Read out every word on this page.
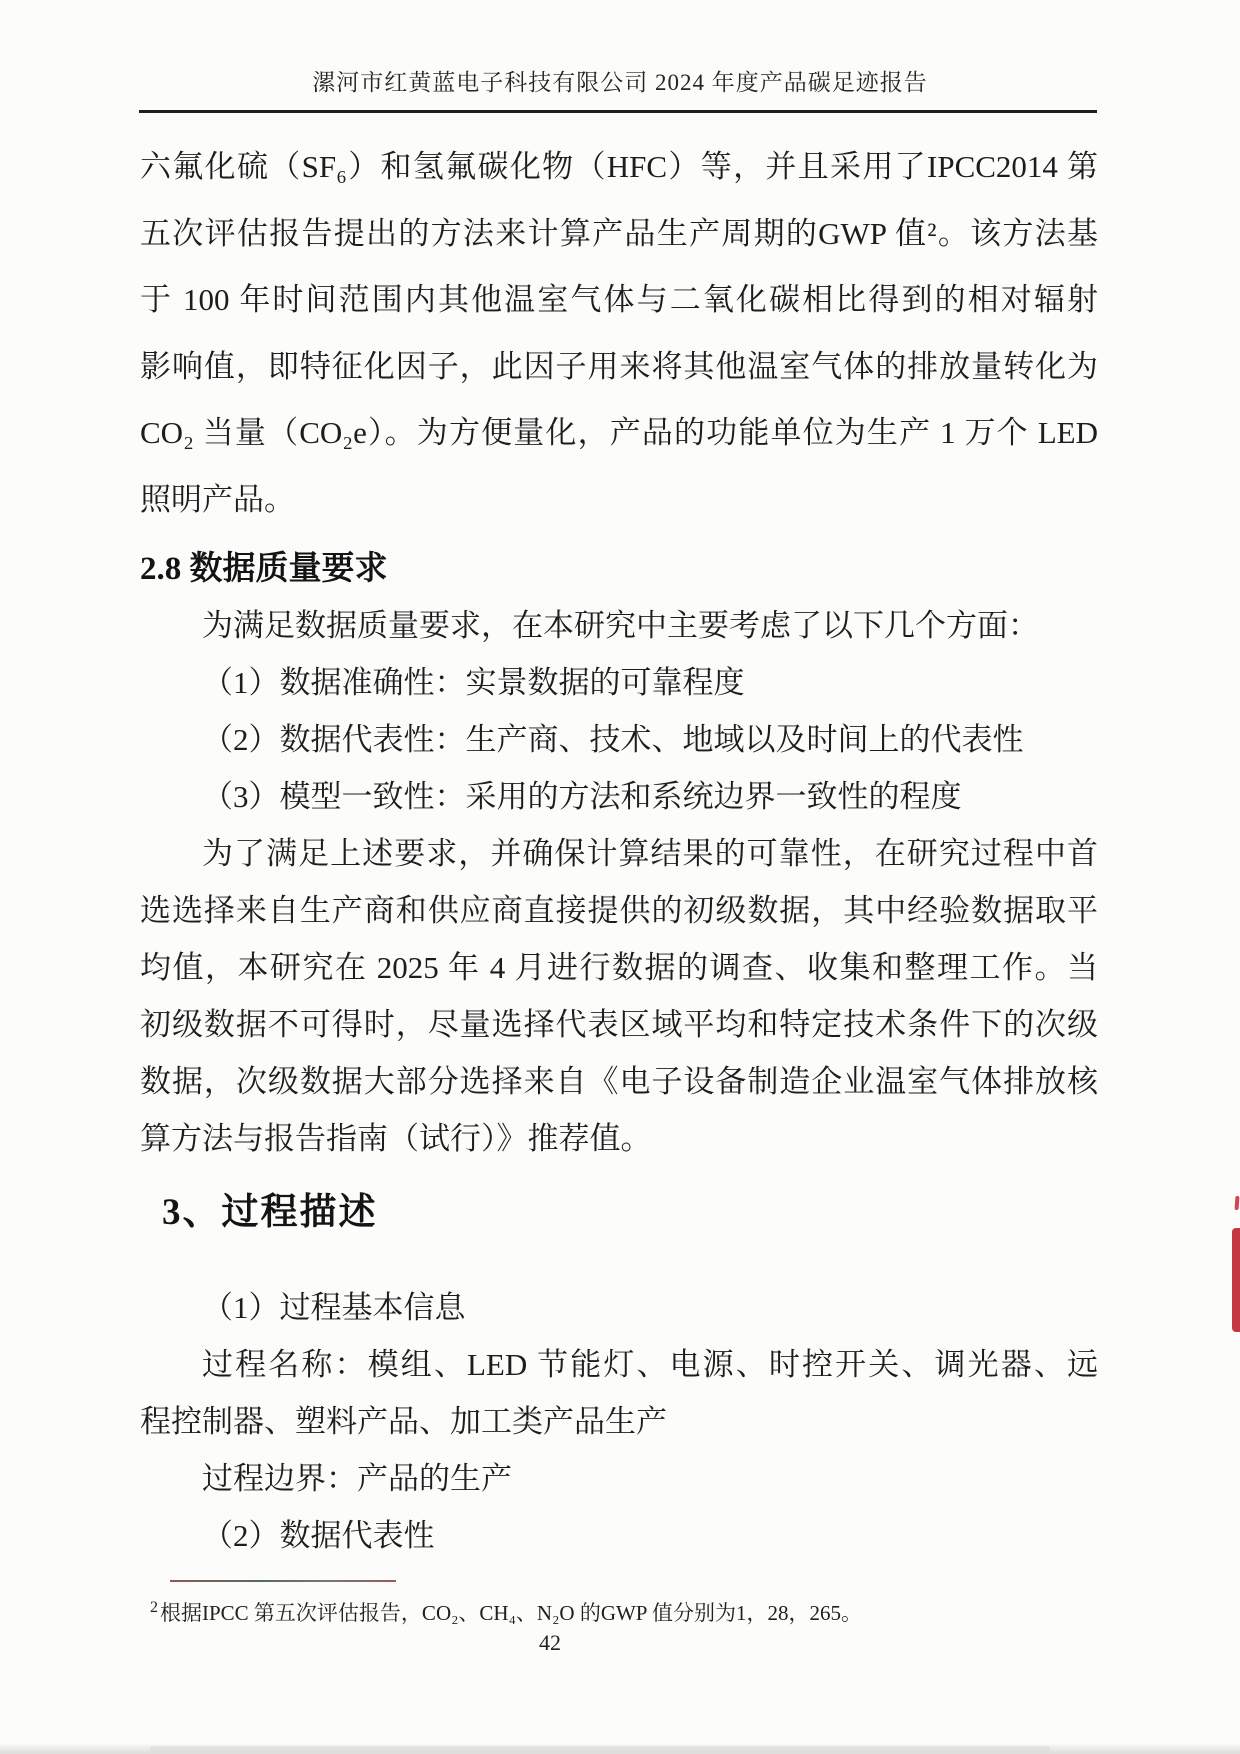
漯河市红黄蓝电子科技有限公司 2024 年度产品碳足迹报告
六氟化硫（SF₆）和氢氟碳化物（HFC）等，并且采用了IPCC2014 第
五次评估报告提出的方法来计算产品生产周期的GWP 值²。该方法基
于 100 年时间范围内其他温室气体与二氧化碳相比得到的相对辐射
影响值，即特征化因子，此因子用来将其他温室气体的排放量转化为
CO₂ 当量（CO₂e）。为方便量化，产品的功能单位为生产 1 万个 LED
照明产品。
2.8 数据质量要求
为满足数据质量要求，在本研究中主要考虑了以下几个方面：
（1）数据准确性：实景数据的可靠程度
（2）数据代表性：生产商、技术、地域以及时间上的代表性
（3）模型一致性：采用的方法和系统边界一致性的程度
为了满足上述要求，并确保计算结果的可靠性，在研究过程中首
选选择来自生产商和供应商直接提供的初级数据，其中经验数据取平
均值，本研究在 2025 年 4 月进行数据的调查、收集和整理工作。当
初级数据不可得时，尽量选择代表区域平均和特定技术条件下的次级
数据，次级数据大部分选择来自《电子设备制造企业温室气体排放核
算方法与报告指南（试行）》推荐值。
3、过程描述
（1）过程基本信息
过程名称：模组、LED 节能灯、电源、时控开关、调光器、远
程控制器、塑料产品、加工类产品生产
过程边界：产品的生产
（2）数据代表性
$^2$根据IPCC 第五次评估报告，CO₂、CH₄、N₂O 的GWP 值分别为1，28，265。
42
